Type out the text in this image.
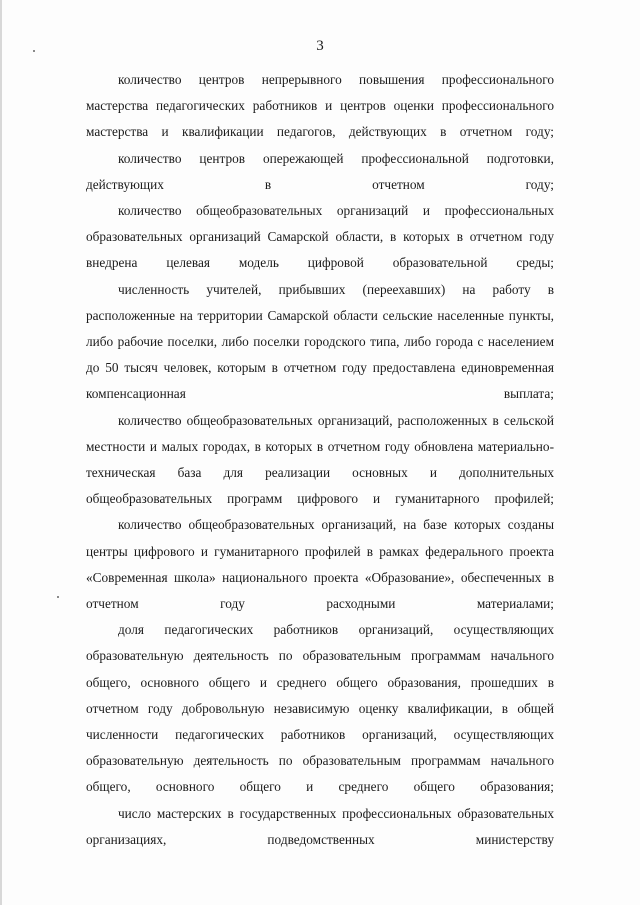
3

количество центров непрерывного повышения профессионального мастерства педагогических работников и центров оценки профессионального мастерства и квалификации педагогов, действующих в отчетном году;

количество центров опережающей профессиональной подготовки, действующих в отчетном году;

количество общеобразовательных организаций и профессиональных образовательных организаций Самарской области, в которых в отчетном году внедрена целевая модель цифровой образовательной среды;

численность учителей, прибывших (переехавших) на работу в расположенные на территории Самарской области сельские населенные пункты, либо рабочие поселки, либо поселки городского типа, либо города с населением до 50 тысяч человек, которым в отчетном году предоставлена единовременная компенсационная выплата;

количество общеобразовательных организаций, расположенных в сельской местности и малых городах, в которых в отчетном году обновлена материально-техническая база для реализации основных и дополнительных общеобразовательных программ цифрового и гуманитарного профилей;

количество общеобразовательных организаций, на базе которых созданы центры цифрового и гуманитарного профилей в рамках федерального проекта «Современная школа» национального проекта «Образование», обеспеченных в отчетном году расходными материалами;

доля педагогических работников организаций, осуществляющих образовательную деятельность по образовательным программам начального общего, основного общего и среднего общего образования, прошедших в отчетном году добровольную независимую оценку квалификации, в общей численности педагогических работников организаций, осуществляющих образовательную деятельность по образовательным программам начального общего, основного общего и среднего общего образования;

число мастерских в государственных профессиональных образовательных организациях, подведомственных министерству
